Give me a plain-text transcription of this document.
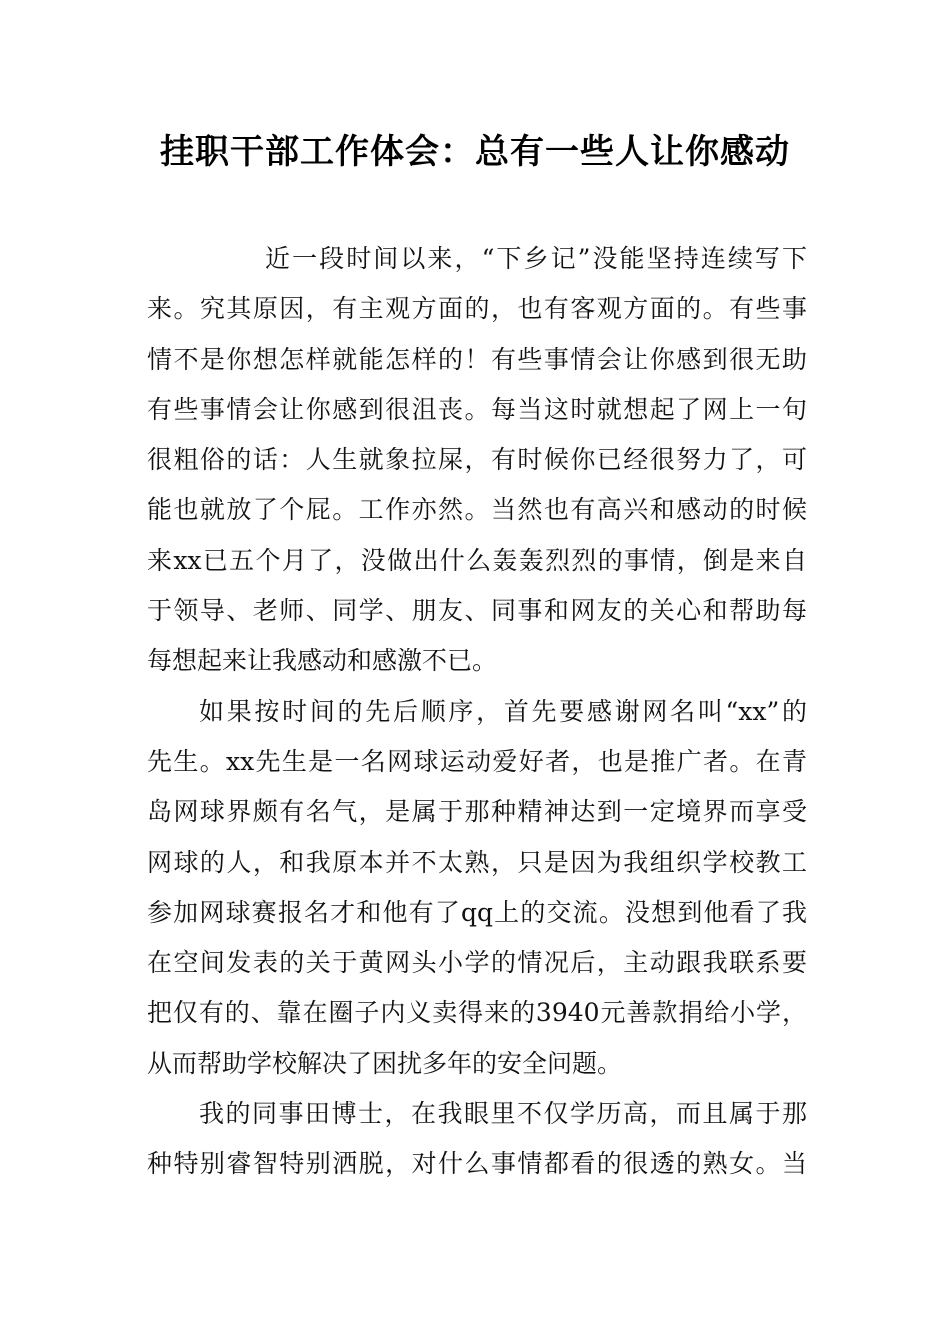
挂职干部工作体会：总有一些人让你感动
近一段时间以来，“下乡记”没能坚持连续写下
来。究其原因，有主观方面的，也有客观方面的。有些事
情不是你想怎样就能怎样的！有些事情会让你感到很无助
有些事情会让你感到很沮丧。每当这时就想起了网上一句
很粗俗的话：人生就象拉屎，有时候你已经很努力了，可
能也就放了个屁。工作亦然。当然也有高兴和感动的时候
来xx已五个月了，没做出什么轰轰烈烈的事情，倒是来自
于领导、老师、同学、朋友、同事和网友的关心和帮助每
每想起来让我感动和感激不已。
如果按时间的先后顺序，首先要感谢网名叫“xx”的
先生。xx先生是一名网球运动爱好者，也是推广者。在青
岛网球界颇有名气，是属于那种精神达到一定境界而享受
网球的人，和我原本并不太熟，只是因为我组织学校教工
参加网球赛报名才和他有了qq上的交流。没想到他看了我
在空间发表的关于黄网头小学的情况后，主动跟我联系要
把仅有的、靠在圈子内义卖得来的3940元善款捐给小学，
从而帮助学校解决了困扰多年的安全问题。
我的同事田博士，在我眼里不仅学历高，而且属于那
种特别睿智特别洒脱，对什么事情都看的很透的熟女。当
